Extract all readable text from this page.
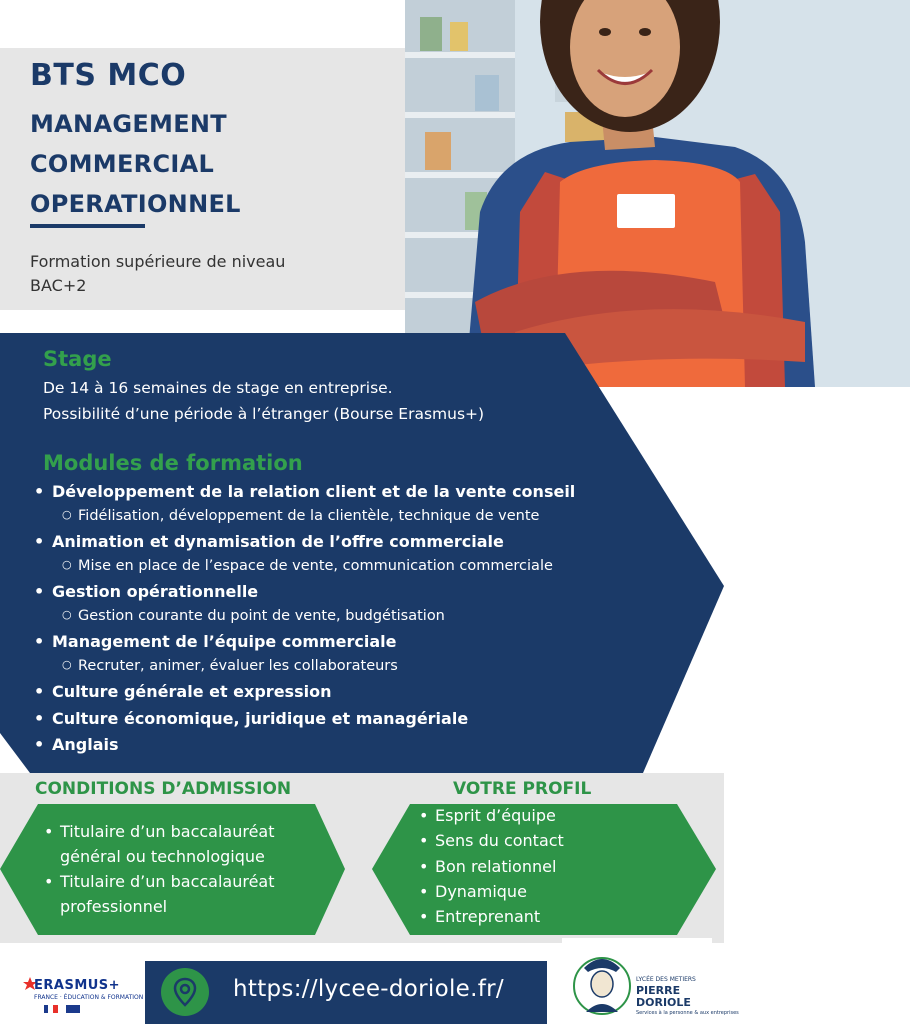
BTS MCO
MANAGEMENT
COMMERCIAL
OPERATIONNEL
Formation supérieure de niveau
BAC+2
Stage
De 14 à 16 semaines de stage en entreprise.
Possibilité d’une période à l’étranger (Bourse Erasmus+)
Modules de formation
• Développement de la relation client et de la vente conseil
○ Fidélisation, développement de la clientèle, technique de vente
• Animation et dynamisation de l’offre commerciale
○ Mise en place de l’espace de vente, communication commerciale
• Gestion opérationnelle
○ Gestion courante du point de vente, budgétisation
• Management de l’équipe commerciale
○ Recruter, animer, évaluer les collaborateurs
• Culture générale et expression
• Culture économique, juridique et managériale
• Anglais
CONDITIONS D’ADMISSION	VOTRE PROFIL
• Titulaire d’un baccalauréat
général ou technologique
• Titulaire d’un baccalauréat
professionnel
• Esprit d’équipe
• Sens du contact
• Bon relationnel
• Dynamique
• Entreprenant
ERASMUS+
FRANCE · ÉDUCATION & FORMATION	https://lycee-doriole.fr/	LYCÉE DES METIERS
PIERRE
DORIOLE
Services à la personne & aux entreprises
